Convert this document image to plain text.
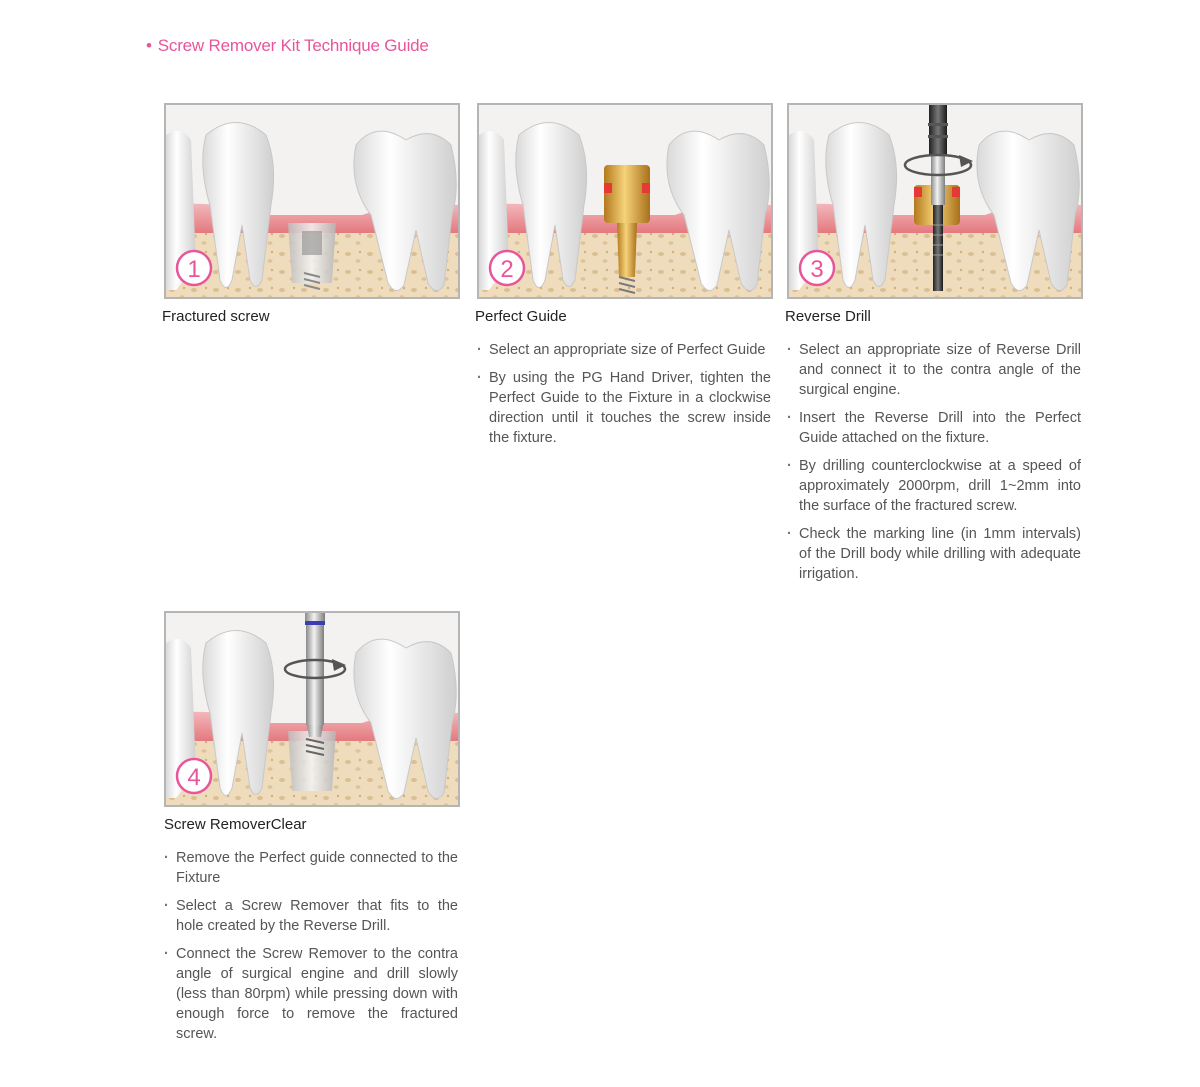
• Screw Remover Kit Technique Guide
1
Fractured screw
2
Perfect Guide
· Select an appropriate size of Perfect Guide
· By using the PG Hand Driver, tighten the Perfect Guide to the Fixture in a clockwise direction until it touches the screw inside the fixture.
3
Reverse Drill
· Select an appropriate size of Reverse Drill and connect it to the contra angle of the surgical engine.
· Insert the Reverse Drill into the Perfect Guide attached on the fixture.
· By drilling counterclockwise at a speed of approximately 2000rpm, drill 1~2mm into the surface of the fractured screw.
· Check the marking line (in 1mm intervals) of the Drill body while drilling with adequate irrigation.
4
Screw RemoverClear
· Remove the Perfect guide connected to the Fixture
· Select a Screw Remover that fits to the hole created by the Reverse Drill.
· Connect the Screw Remover to the contra angle of surgical engine and drill slowly (less than 80rpm) while pressing down with enough force to remove the fractured screw.
